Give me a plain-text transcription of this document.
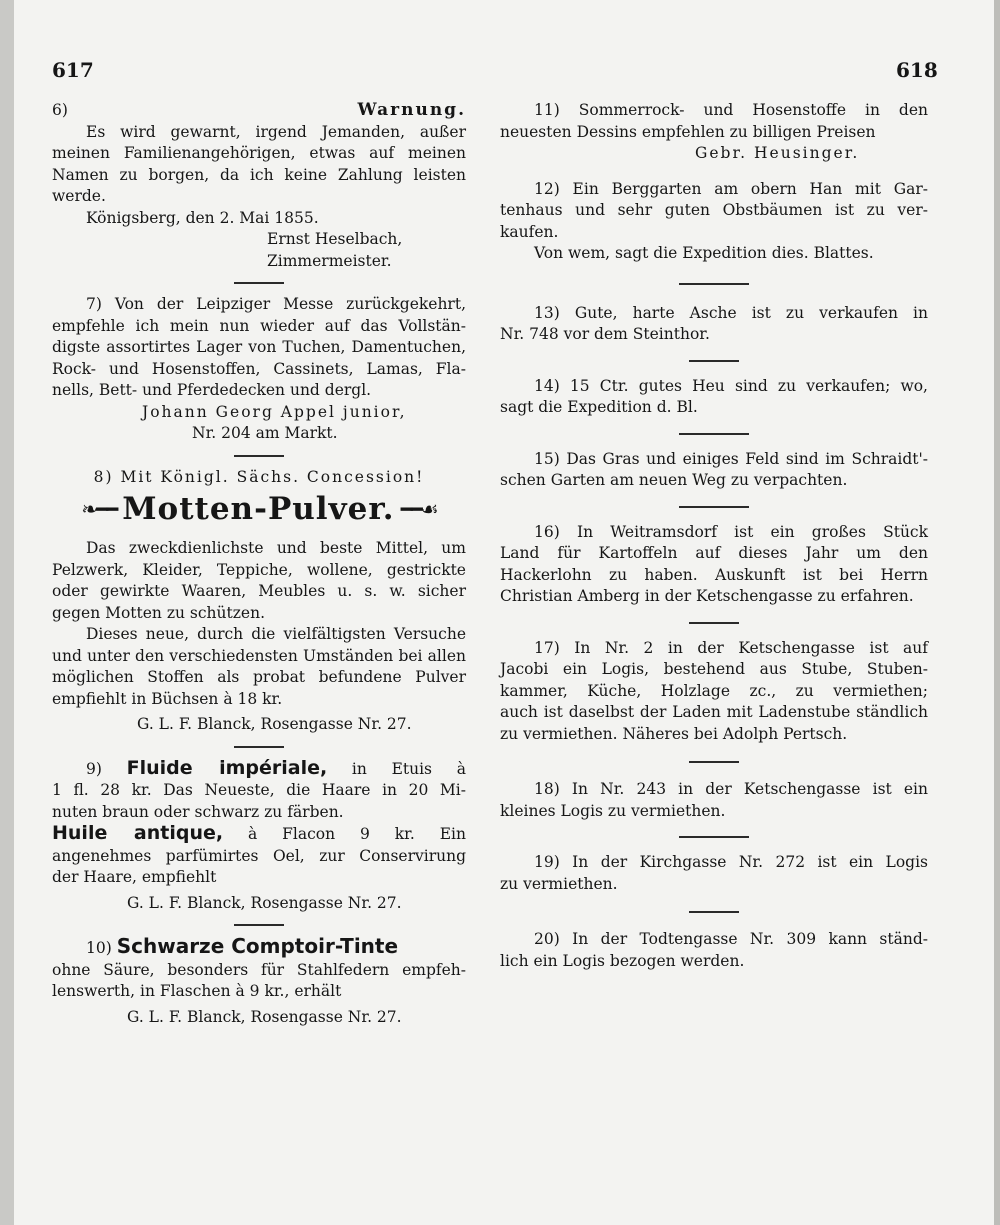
617	618

6)	Warnung.

Es wird gewarnt, irgend Jemanden, außer

meinen Familienangehörigen, etwas auf meinen

Namen zu borgen, da ich keine Zahlung leisten

werde.

Königsberg, den 2. Mai 1855.

Ernst Heselbach,

Zimmermeister.

7) Von der Leipziger Messe zurückgekehrt,

empfehle ich mein nun wieder auf das Vollstän-

digste assortirtes Lager von Tuchen, Damentuchen,

Rock- und Hosenstoffen, Cassinets, Lamas, Fla-

nells, Bett- und Pferdedecken und dergl.

Johann Georg Appel junior,

Nr. 204 am Markt.

8) Mit Königl. Sächs. Concession!

❧━━ Motten-Pulver. ━━☙

Das zweckdienlichste und beste Mittel, um

Pelzwerk, Kleider, Teppiche, wollene, gestrickte

oder gewirkte Waaren, Meubles u. s. w. sicher

gegen Motten zu schützen.

Dieses neue, durch die vielfältigsten Versuche

und unter den verschiedensten Umständen bei allen

möglichen Stoffen als probat befundene Pulver

empfiehlt in Büchsen à 18 kr.

G. L. F. Blanck, Rosengasse Nr. 27.

9) Fluide impériale, in Etuis à

1 fl. 28 kr. Das Neueste, die Haare in 20 Mi-

nuten braun oder schwarz zu färben.

Huile antique, à Flacon 9 kr. Ein

angenehmes parfümirtes Oel, zur Conservirung

der Haare, empfiehlt

G. L. F. Blanck, Rosengasse Nr. 27.

10) Schwarze Comptoir-Tinte

ohne Säure, besonders für Stahlfedern empfeh-

lenswerth, in Flaschen à 9 kr., erhält

G. L. F. Blanck, Rosengasse Nr. 27.

11) Sommerrock- und Hosenstoffe in den

neuesten Dessins empfehlen zu billigen Preisen

Gebr. Heusinger.

12) Ein Berggarten am obern Han mit Gar-

tenhaus und sehr guten Obstbäumen ist zu ver-

kaufen.

Von wem, sagt die Expedition dies. Blattes.

13) Gute, harte Asche ist zu verkaufen in

Nr. 748 vor dem Steinthor.

14) 15 Ctr. gutes Heu sind zu verkaufen; wo,

sagt die Expedition d. Bl.

15) Das Gras und einiges Feld sind im Schraidt'-

schen Garten am neuen Weg zu verpachten.

16) In Weitramsdorf ist ein großes Stück

Land für Kartoffeln auf dieses Jahr um den

Hackerlohn zu haben. Auskunft ist bei Herrn

Christian Amberg in der Ketschengasse zu erfahren.

17) In Nr. 2 in der Ketschengasse ist auf

Jacobi ein Logis, bestehend aus Stube, Stuben-

kammer, Küche, Holzlage zc., zu vermiethen;

auch ist daselbst der Laden mit Ladenstube ständlich

zu vermiethen. Näheres bei Adolph Pertsch.

18) In Nr. 243 in der Ketschengasse ist ein

kleines Logis zu vermiethen.

19) In der Kirchgasse Nr. 272 ist ein Logis

zu vermiethen.

20) In der Todtengasse Nr. 309 kann ständ-

lich ein Logis bezogen werden.
